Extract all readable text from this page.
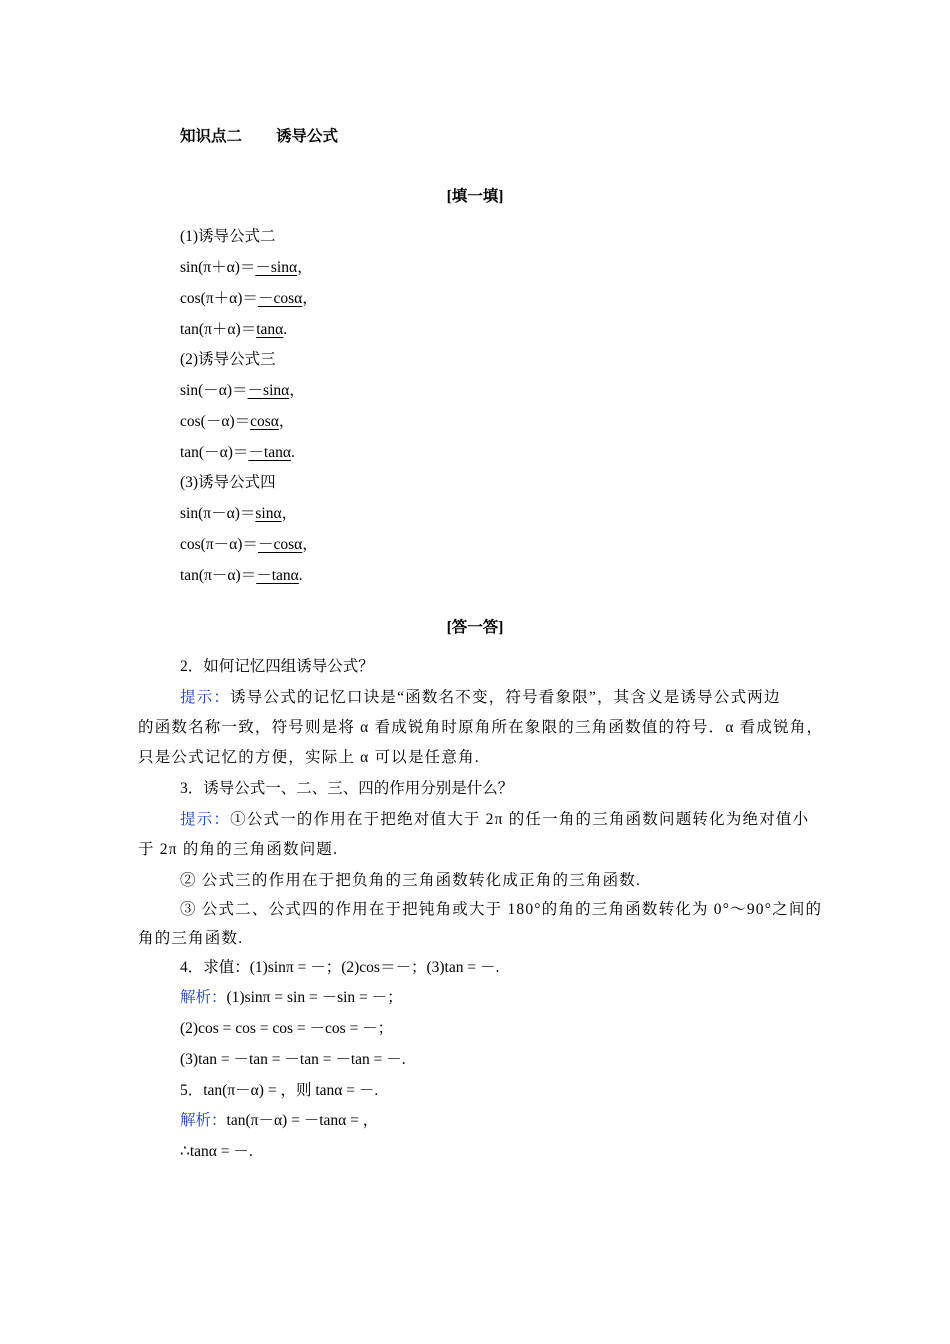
知识点二 诱导公式
[填一填]
(1)诱导公式二
sin(π＋α)＝－sinα，
cos(π＋α)＝－cosα，
tan(π＋α)＝tanα.
(2)诱导公式三
sin(－α)＝－sinα，
cos(－α)＝cosα，
tan(－α)＝－tanα.
(3)诱导公式四
sin(π－α)＝sinα，
cos(π－α)＝－cosα，
tan(π－α)＝－tanα.
[答一答]
2．如何记忆四组诱导公式？
提示：诱导公式的记忆口诀是“函数名不变，符号看象限”，其含义是诱导公式两边
的函数名称一致，符号则是将 α 看成锐角时原角所在象限的三角函数值的符号．α 看成锐角，
只是公式记忆的方便，实际上 α 可以是任意角.
3．诱导公式一、二、三、四的作用分别是什么？
提示：①公式一的作用在于把绝对值大于 2π 的任一角的三角函数问题转化为绝对值小
于 2π 的角的三角函数问题.
② 公式三的作用在于把负角的三角函数转化成正角的三角函数.
③ 公式二、公式四的作用在于把钝角或大于 180°的角的三角函数转化为 0°～90°之间的
角的三角函数.
4．求值：(1)sinπ = －；(2)cos＝－；(3)tan = －.
解析：(1)sinπ = sin = －sin = －；
(2)cos = cos = cos = －cos = －；
(3)tan = －tan = －tan = －tan = －.
5．tan(π－α) = ，则 tanα = －.
解析：tan(π－α) = －tanα = ，
∴tanα = －.
